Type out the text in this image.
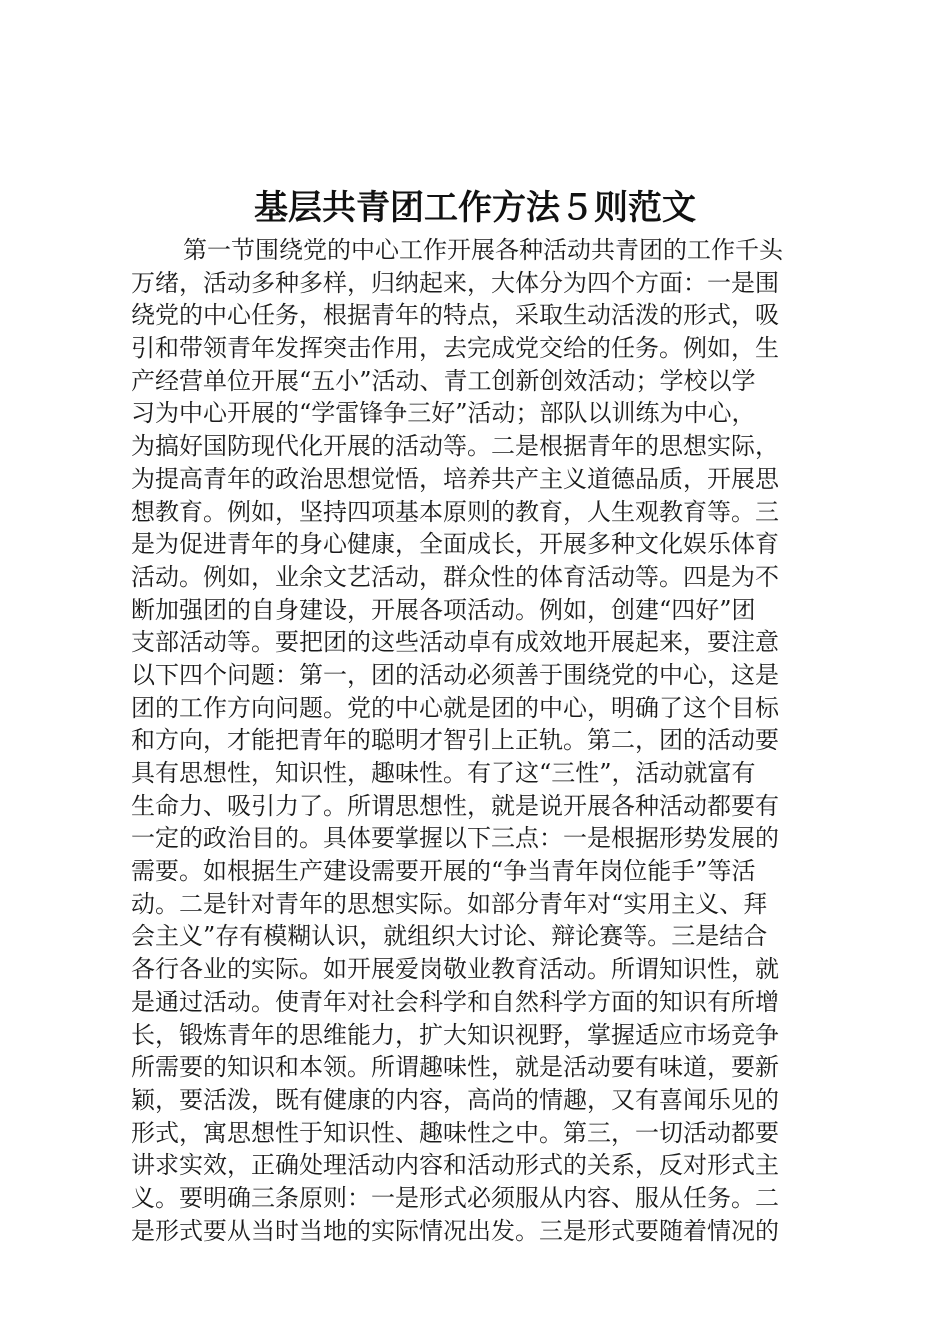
基层共青团工作方法５则范文
第一节围绕党的中心工作开展各种活动共青团的工作千头
万绪，活动多种多样，归纳起来，大体分为四个方面：一是围
绕党的中心任务，根据青年的特点，采取生动活泼的形式，吸
引和带领青年发挥突击作用，去完成党交给的任务。例如，生
产经营单位开展“五小”活动、青工创新创效活动；学校以学
习为中心开展的“学雷锋争三好”活动；部队以训练为中心，
为搞好国防现代化开展的活动等。二是根据青年的思想实际，
为提高青年的政治思想觉悟，培养共产主义道德品质，开展思
想教育。例如，坚持四项基本原则的教育，人生观教育等。三
是为促进青年的身心健康，全面成长，开展多种文化娱乐体育
活动。例如，业余文艺活动，群众性的体育活动等。四是为不
断加强团的自身建设，开展各项活动。例如，创建“四好”团
支部活动等。要把团的这些活动卓有成效地开展起来，要注意
以下四个问题：第一，团的活动必须善于围绕党的中心，这是
团的工作方向问题。党的中心就是团的中心，明确了这个目标
和方向，才能把青年的聪明才智引上正轨。第二，团的活动要
具有思想性，知识性，趣味性。有了这“三性”，活动就富有
生命力、吸引力了。所谓思想性，就是说开展各种活动都要有
一定的政治目的。具体要掌握以下三点：一是根据形势发展的
需要。如根据生产建设需要开展的“争当青年岗位能手”等活
动。二是针对青年的思想实际。如部分青年对“实用主义、拜
会主义”存有模糊认识，就组织大讨论、辩论赛等。三是结合
各行各业的实际。如开展爱岗敬业教育活动。所谓知识性，就
是通过活动。使青年对社会科学和自然科学方面的知识有所增
长，锻炼青年的思维能力，扩大知识视野，掌握适应市场竞争
所需要的知识和本领。所谓趣味性，就是活动要有味道，要新
颖，要活泼，既有健康的内容，高尚的情趣，又有喜闻乐见的
形式，寓思想性于知识性、趣味性之中。第三，一切活动都要
讲求实效，正确处理活动内容和活动形式的关系，反对形式主
义。要明确三条原则：一是形式必须服从内容、服从任务。二
是形式要从当时当地的实际情况出发。三是形式要随着情况的
